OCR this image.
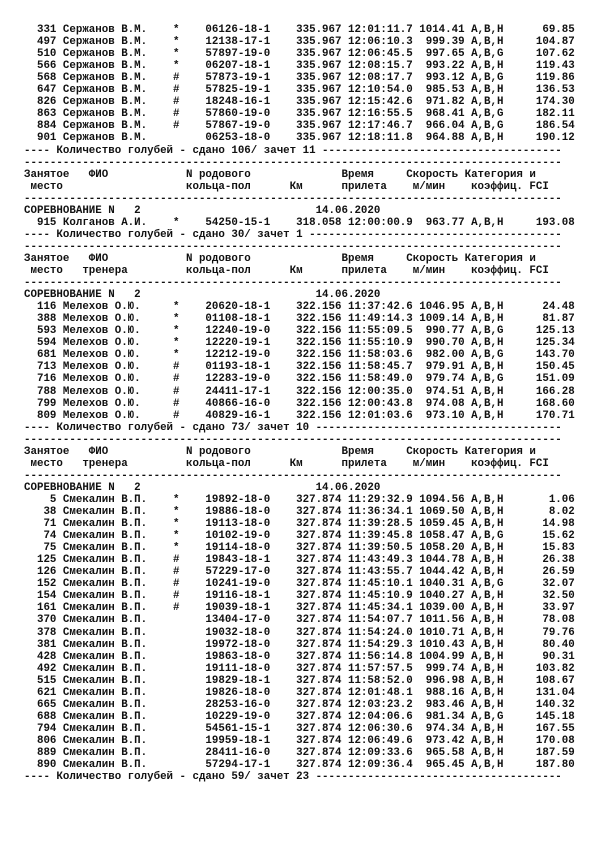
331 Сержанов В.М.    *    06126-18-1    335.967 12:01:11.7 1014.41 A,B,H      69.85
497 Сержанов В.М.    *    12138-17-1    335.967 12:06:10.3  999.39 A,B,H     104.87
510 Сержанов В.М.    *    57897-19-0    335.967 12:06:45.5  997.65 A,B,G     107.62
566 Сержанов В.М.    *    06207-18-1    335.967 12:08:15.7  993.22 A,B,H     119.43
568 Сержанов В.М.    #    57873-19-1    335.967 12:08:17.7  993.12 A,B,G     119.86
647 Сержанов В.М.    #    57825-19-1    335.967 12:10:54.0  985.53 A,B,H     136.53
826 Сержанов В.М.    #    18248-16-1    335.967 12:15:42.6  971.82 A,B,H     174.30
863 Сержанов В.М.    #    57860-19-0    335.967 12:16:55.5  968.41 A,B,G     182.11
884 Сержанов В.М.    #    57867-19-0    335.967 12:17:46.7  966.04 A,B,G     186.54
901 Сержанов В.М.         06253-18-0    335.967 12:18:11.8  964.88 A,B,H     190.12
---- Количество голубей - сдано 106/ зачет 11 -------------------------------------
-----------------------------------------------------------------------------------
Занятое   ФИО            N родового              Время     Скорость Категория и
место                   кольца-пол      Км      прилета    м/мин    коэффиц. FCI
-----------------------------------------------------------------------------------
СОРЕВНОВАНИЕ N   2                           14.06.2020
915 Колганов А.И.    *    54250-15-1    318.058 12:00:00.9  963.77 A,B,H     193.08
---- Количество голубей - сдано 30/ зачет 1 ---------------------------------------
-----------------------------------------------------------------------------------
Занятое   ФИО            N родового              Время     Скорость Категория и
место   тренера         кольца-пол      Км      прилета    м/мин    коэффиц. FCI
-----------------------------------------------------------------------------------
СОРЕВНОВАНИЕ N   2                           14.06.2020
116 Мелехов О.Ю.     *    20620-18-1    322.156 11:37:42.6 1046.95 A,B,H      24.48
388 Мелехов О.Ю.     *    01108-18-1    322.156 11:49:14.3 1009.14 A,B,H      81.87
593 Мелехов О.Ю.     *    12240-19-0    322.156 11:55:09.5  990.77 A,B,G     125.13
594 Мелехов О.Ю.     *    12220-19-1    322.156 11:55:10.9  990.70 A,B,H     125.34
681 Мелехов О.Ю.     *    12212-19-0    322.156 11:58:03.6  982.00 A,B,G     143.70
713 Мелехов О.Ю.     #    01193-18-1    322.156 11:58:45.7  979.91 A,B,H     150.45
716 Мелехов О.Ю.     #    12283-19-0    322.156 11:58:49.0  979.74 A,B,G     151.09
788 Мелехов О.Ю.     #    24411-17-1    322.156 12:00:35.0  974.51 A,B,H     166.28
799 Мелехов О.Ю.     #    40866-16-0    322.156 12:00:43.8  974.08 A,B,H     168.60
809 Мелехов О.Ю.     #    40829-16-1    322.156 12:01:03.6  973.10 A,B,H     170.71
---- Количество голубей - сдано 73/ зачет 10 --------------------------------------
-----------------------------------------------------------------------------------
Занятое   ФИО            N родового              Время     Скорость Категория и
место   тренера         кольца-пол      Км      прилета    м/мин    коэффиц. FCI
-----------------------------------------------------------------------------------
СОРЕВНОВАНИЕ N   2                           14.06.2020
5 Смекалин В.П.    *    19892-18-0    327.874 11:29:32.9 1094.56 A,B,H       1.06
38 Смекалин В.П.    *    19886-18-0    327.874 11:36:34.1 1069.50 A,B,H       8.02
71 Смекалин В.П.    *    19113-18-0    327.874 11:39:28.5 1059.45 A,B,H      14.98
74 Смекалин В.П.    *    10102-19-0    327.874 11:39:45.8 1058.47 A,B,G      15.62
75 Смекалин В.П.    *    19114-18-0    327.874 11:39:50.5 1058.20 A,B,H      15.83
125 Смекалин В.П.    #    19843-18-1    327.874 11:43:49.3 1044.78 A,B,H      26.38
126 Смекалин В.П.    #    57229-17-0    327.874 11:43:55.7 1044.42 A,B,H      26.59
152 Смекалин В.П.    #    10241-19-0    327.874 11:45:10.1 1040.31 A,B,G      32.07
154 Смекалин В.П.    #    19116-18-1    327.874 11:45:10.9 1040.27 A,B,H      32.50
161 Смекалин В.П.    #    19039-18-1    327.874 11:45:34.1 1039.00 A,B,H      33.97
370 Смекалин В.П.         13404-17-0    327.874 11:54:07.7 1011.56 A,B,H      78.08
378 Смекалин В.П.         19032-18-0    327.874 11:54:24.0 1010.71 A,B,H      79.76
381 Смекалин В.П.         19972-18-0    327.874 11:54:29.3 1010.43 A,B,H      80.40
428 Смекалин В.П.         19863-18-0    327.874 11:56:14.8 1004.99 A,B,H      90.31
492 Смекалин В.П.         19111-18-0    327.874 11:57:57.5  999.74 A,B,H     103.82
515 Смекалин В.П.         19829-18-1    327.874 11:58:52.0  996.98 A,B,H     108.67
621 Смекалин В.П.         19826-18-0    327.874 12:01:48.1  988.16 A,B,H     131.04
665 Смекалин В.П.         28253-16-0    327.874 12:03:23.2  983.46 A,B,H     140.32
688 Смекалин В.П.         10229-19-0    327.874 12:04:06.6  981.34 A,B,G     145.18
794 Смекалин В.П.         54561-15-1    327.874 12:06:30.6  974.34 A,B,H     167.55
806 Смекалин В.П.         19959-18-1    327.874 12:06:49.6  973.42 A,B,H     170.08
889 Смекалин В.П.         28411-16-0    327.874 12:09:33.6  965.58 A,B,H     187.59
890 Смекалин В.П.         57294-17-1    327.874 12:09:36.4  965.45 A,B,H     187.80
---- Количество голубей - сдано 59/ зачет 23 --------------------------------------
